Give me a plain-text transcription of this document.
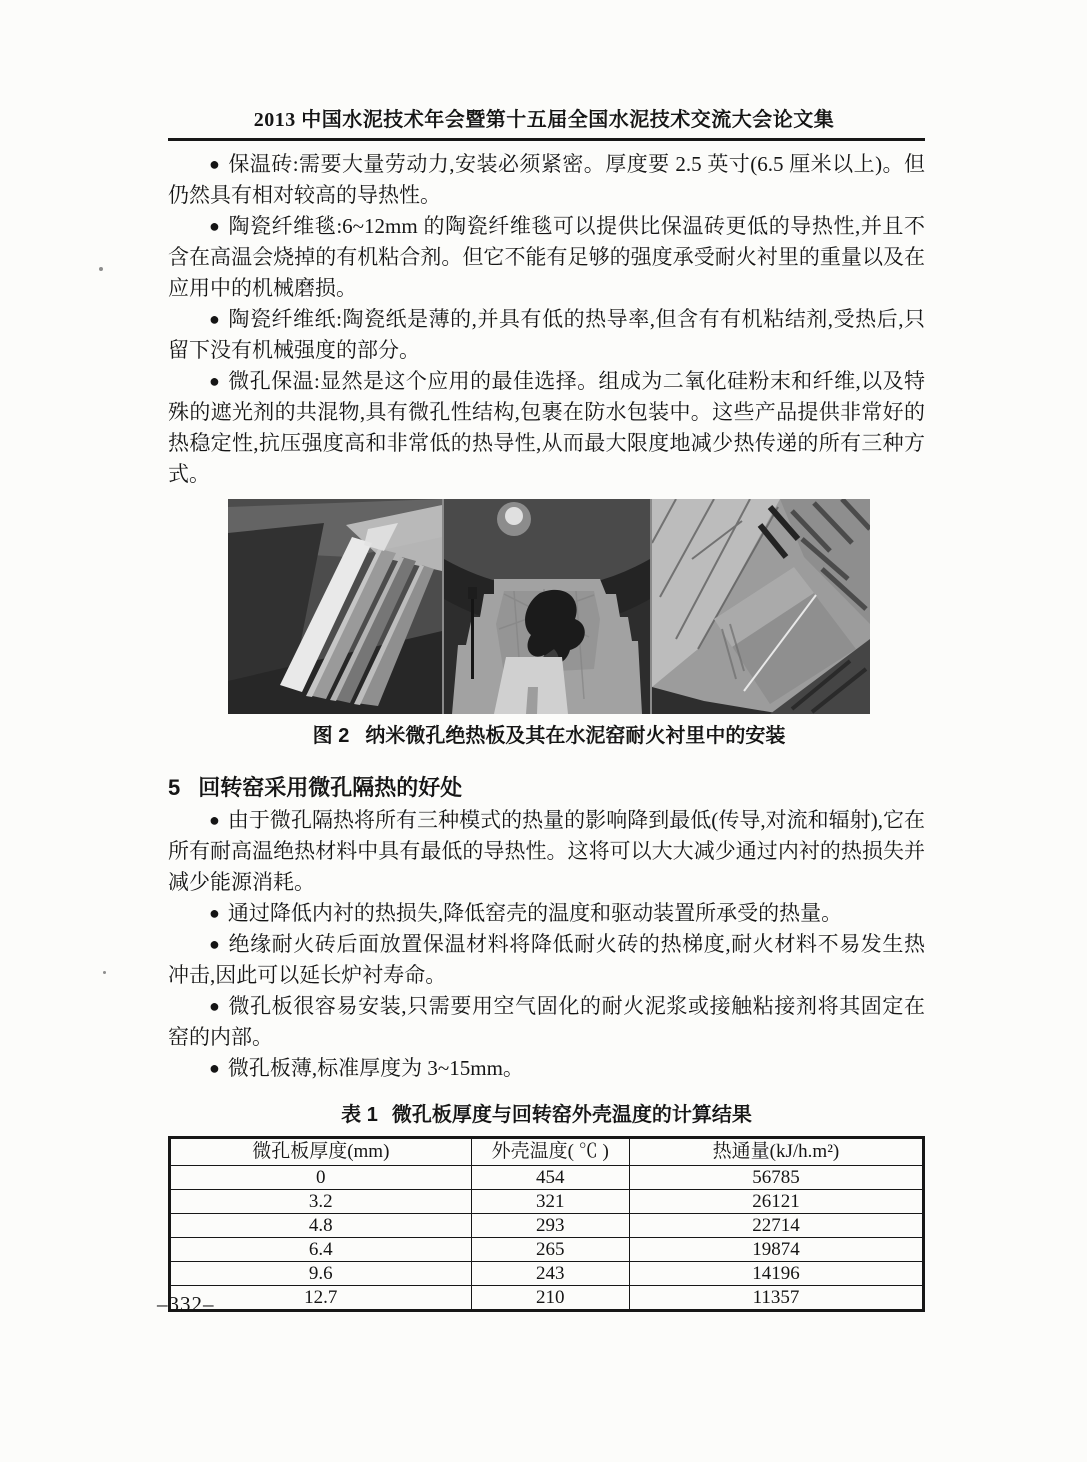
2013 中国水泥技术年会暨第十五届全国水泥技术交流大会论文集

● 保温砖:需要大量劳动力,安装必须紧密。厚度要 2.5 英寸(6.5 厘米以上)。但仍然具有相对较高的导热性。

● 陶瓷纤维毯:6~12mm 的陶瓷纤维毯可以提供比保温砖更低的导热性,并且不含在高温会烧掉的有机粘合剂。但它不能有足够的强度承受耐火衬里的重量以及在应用中的机械磨损。

● 陶瓷纤维纸:陶瓷纸是薄的,并具有低的热导率,但含有有机粘结剂,受热后,只留下没有机械强度的部分。

● 微孔保温:显然是这个应用的最佳选择。组成为二氧化硅粉末和纤维,以及特殊的遮光剂的共混物,具有微孔性结构,包裹在防水包装中。这些产品提供非常好的热稳定性,抗压强度高和非常低的热导性,从而最大限度地减少热传递的所有三种方式。

图 2 纳米微孔绝热板及其在水泥窑耐火衬里中的安装
5 回转窑采用微孔隔热的好处

● 由于微孔隔热将所有三种模式的热量的影响降到最低(传导,对流和辐射),它在所有耐高温绝热材料中具有最低的导热性。这将可以大大减少通过内衬的热损失并减少能源消耗。

● 通过降低内衬的热损失,降低窑壳的温度和驱动装置所承受的热量。

● 绝缘耐火砖后面放置保温材料将降低耐火砖的热梯度,耐火材料不易发生热冲击,因此可以延长炉衬寿命。

● 微孔板很容易安装,只需要用空气固化的耐火泥浆或接触粘接剂将其固定在窑的内部。

● 微孔板薄,标准厚度为 3~15mm。

表 1 微孔板厚度与回转窑外壳温度的计算结果
微孔板厚度(mm)	外壳温度( ℃ )	热通量(kJ/h.m²)
0	454	56785
3.2	321	26121
4.8	293	22714
6.4	265	19874
9.6	243	14196
12.7	210	11357
–332–
